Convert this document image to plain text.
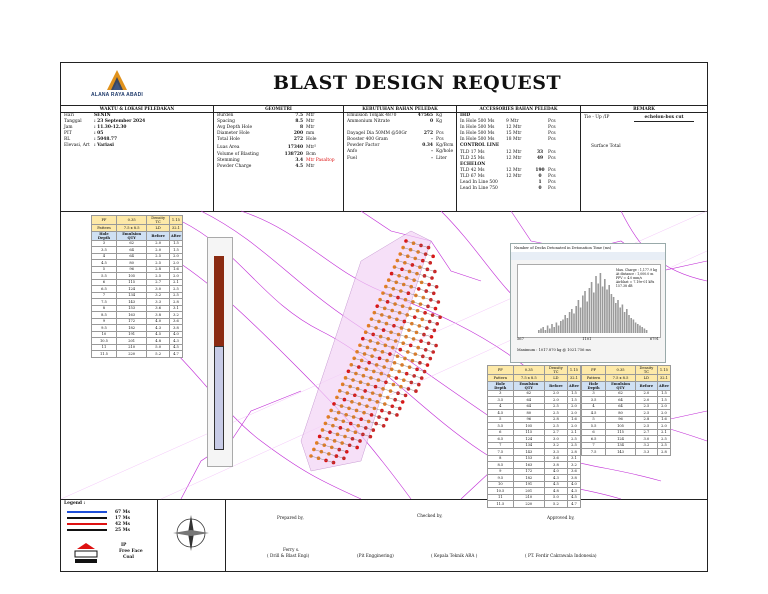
ALANA RAYA ABADI
BLAST DESIGN REQUEST
WAKTU & LOKASI PELEDAKAN
Hari	SENIN
Tanggal	: 23 September 2024
Jam	: 11.30-12.30
PIT	: 05
RL	: 5048.77
Elevasi, Art : Variasi
GEOMETRI
Burden	7.5 Mtr
Spacing	8.5 Mtr
Avg Depth Hole	8 Mtr
Diameter Hole	200 mm
Total Hole	272 Hole
Luas Area	17340 Mtr²
Volume of Blasting	138720 Bcm
Stemming	3.4 Mtr Pasaltop
Powder Charge	4.5 Mtr
KEBUTUHAN BAHAN PELEDAK
Emulsion Tonjak 4870	47565 Kg
Ammonium Nitrate	0 Kg
Dayagel Dia 50MM @50Gr	272 Pcs
Booster 400 Gram	- Pcs
Powder Factor	0.34 Kg/Bcm
Anfo	- Kg/hole
Fuel	- Liter
ACCESSORIES BAHAN PELEDAK
IHD
In Hole 500 Ms	9 Mtr	Pcs
In Hole 500 Ms	12 Mtr	Pcs
In Hole 500 Ms	15 Mtr	Pcs
In Hole 500 Ms	18 Mtr	Pcs
CONTROL LINE
TLD 17 Ms	12 Mtr	33	Pcs
TLD 25 Ms	12 Mtr	49	Pcs
ECHELON
TLD 42 Ms	12 Mtr	190 Pcs
TLD 67 Ms	12 Mtr	0	Pcs
Lead In Line 500	1	Pcs
Lead In Line 750	0	Pcs
REMARK
Tie - Up /IP	echelon-box cut
Surface Total
PF	0.35	Density TC	1.15
Pattern	7.5 x 8.5	LD	32.1
Hole Depth	Emulsion QTY	Before	After
3	62	2.0	1.5
3.5	64	2.0	1.5
4	64	2.5	2.0
4.5	80	2.5	2.0
5	96	2.8	1.6
5.5	105	2.5	2.0
6	115	2.7	2.1
6.5	124	3.0	2.5
7	134	3.2	2.5
7.5	143	3.3	2.8
8	153	3.6	3.1
8.5	163	3.8	3.2
9	172	4.0	3.6
9.5	182	4.3	3.8
10	191	4.5	4.0
10.5	201	4.8	4.3
11	210	5.0	4.5
11.5	220	5.2	4.7
Number of Decks Detonated in Detonation Time (ms)
Max. Charge : 1,177.9 kg
At distance : 1,000.0 m
PPV = 4.0 mm/s
Airblast = 7.19e-01 kPa
157.38 dB
567	1101	6791
Maximum : 1017.870 kg @ 1021.756 ms
PF	0.35	Density TC	1.15
Pattern	7.5 x 8.5	LD	32.1
Hole Depth	Emulsion QTY	Before	After
3	62	2.0	1.5
3.5	64	2.0	1.5
4	64	2.5	2.0
4.5	80	2.5	2.0
5	96	2.8	1.6
5.5	105	2.5	2.0
6	115	2.7	2.1
6.5	124	3.0	2.5
7	134	3.2	2.5
7.5	143	3.3	2.8
8	153	3.6	3.1
8.5	163	3.8	3.2
9	172	4.0	3.6
9.5	182	4.3	3.8
10	191	4.5	4.0
10.5	201	4.8	4.3
11	210	5.0	4.5
11.5	220	5.2	4.7
PF	0.35	Density TC	1.15
Pattern	7.5 x 8.5	LD	32.1
Hole Depth	Emulsion QTY	Before	After
3	62	2.0	1.5
3.5	64	2.0	1.5
4	64	2.5	2.0
4.5	80	2.5	2.0
5	96	2.8	1.6
5.5	105	2.5	2.0
6	115	2.7	2.1
6.5	124	3.0	2.5
7	134	3.2	2.5
7.5	143	3.3	2.8
Legend :
67 Ms
17 Ms
42 Ms
25 Ms
IP
Free Face
Coal
Prepared by,	Checked by,	Approved by,
Ferry s.
( Drill & Blast Engi)	(Pit Engginering)	( Kepala Teknik ARA )	( PT. Ferdir Cakrawala Indonesia)
